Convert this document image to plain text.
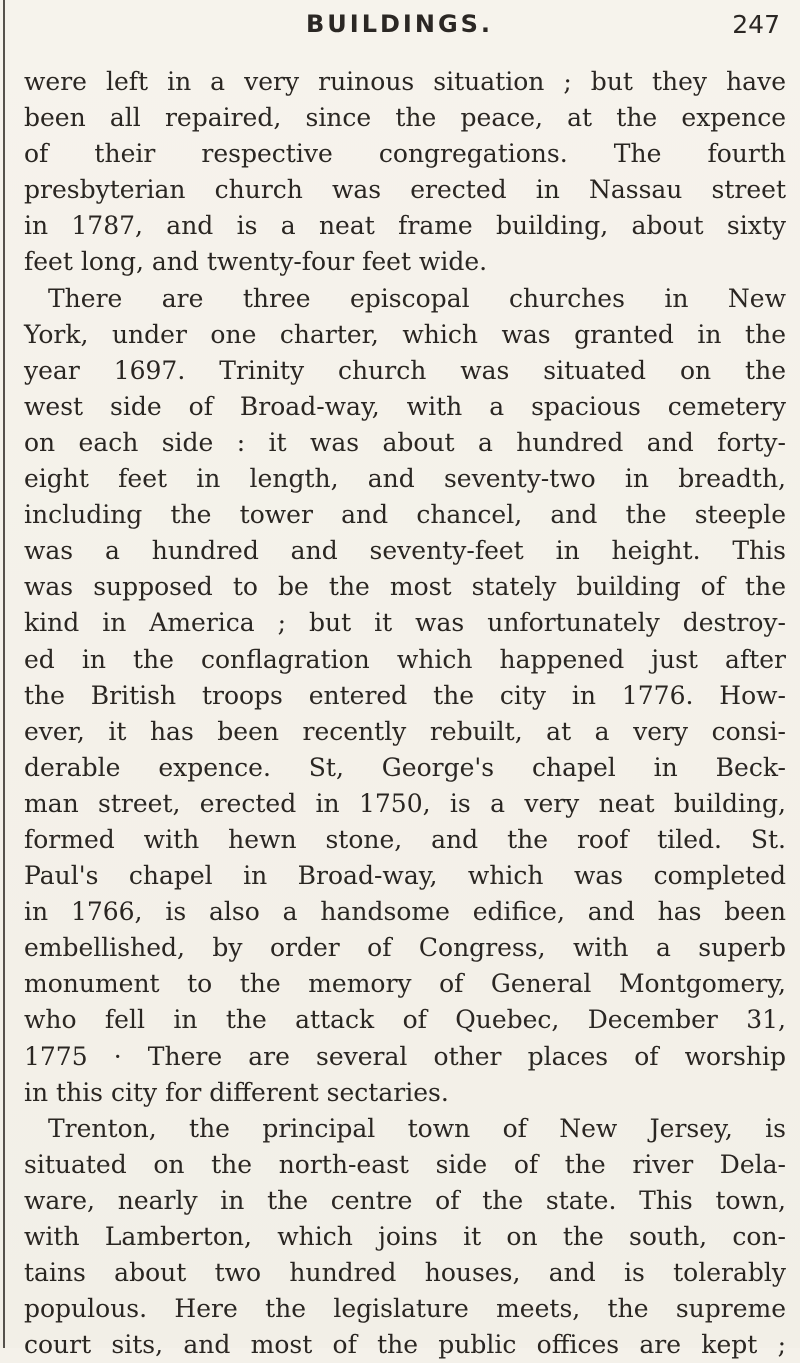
BUILDINGS.	247
were left in a very ruinous situation ; but they have
been all repaired, since the peace, at the expence
of their respective congregations. The fourth
presbyterian church was erected in Nassau street
in 1787, and is a neat frame building, about sixty
feet long, and twenty-four feet wide.
There are three episcopal churches in New
York, under one charter, which was granted in the
year 1697. Trinity church was situated on the
west side of Broad-way, with a spacious cemetery
on each side : it was about a hundred and forty-
eight feet in length, and seventy-two in breadth,
including the tower and chancel, and the steeple
was a hundred and seventy-feet in height. This
was supposed to be the most stately building of the
kind in America ; but it was unfortunately destroy-
ed in the conflagration which happened just after
the British troops entered the city in 1776. How-
ever, it has been recently rebuilt, at a very consi-
derable expence. St, George's chapel in Beck-
man street, erected in 1750, is a very neat building,
formed with hewn stone, and the roof tiled. St.
Paul's chapel in Broad-way, which was completed
in 1766, is also a handsome edifice, and has been
embellished, by order of Congress, with a superb
monument to the memory of General Montgomery,
who fell in the attack of Quebec, December 31,
1775 · There are several other places of worship
in this city for different sectaries.
Trenton, the principal town of New Jersey, is
situated on the north-east side of the river Dela-
ware, nearly in the centre of the state. This town,
with Lamberton, which joins it on the south, con-
tains about two hundred houses, and is tolerably
populous. Here the legislature meets, the supreme
court sits, and most of the public offices are kept ;
